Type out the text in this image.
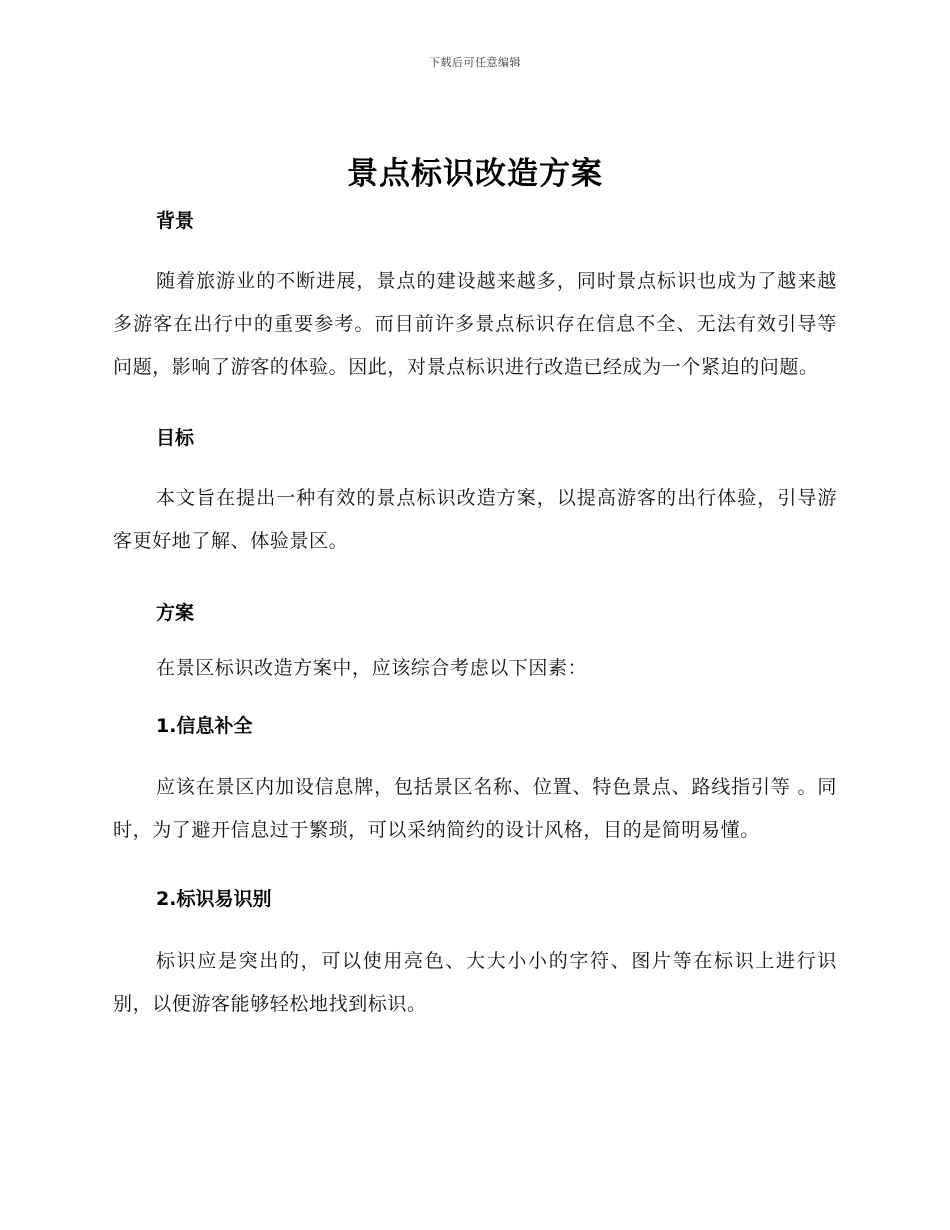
下载后可任意编辑
景点标识改造方案
背景
随着旅游业的不断进展，景点的建设越来越多，同时景点标识也成为了越来越多游客在出行中的重要参考。而目前许多景点标识存在信息不全、无法有效引导等问题，影响了游客的体验。因此，对景点标识进行改造已经成为一个紧迫的问题。
目标
本文旨在提出一种有效的景点标识改造方案，以提高游客的出行体验，引导游客更好地了解、体验景区。
方案
在景区标识改造方案中，应该综合考虑以下因素：
1.信息补全
应该在景区内加设信息牌，包括景区名称、位置、特色景点、路线指引等 。同时，为了避开信息过于繁琐，可以采纳简约的设计风格，目的是简明易懂。
2.标识易识别
标识应是突出的，可以使用亮色、大大小小的字符、图片等在标识上进行识别，以便游客能够轻松地找到标识。
